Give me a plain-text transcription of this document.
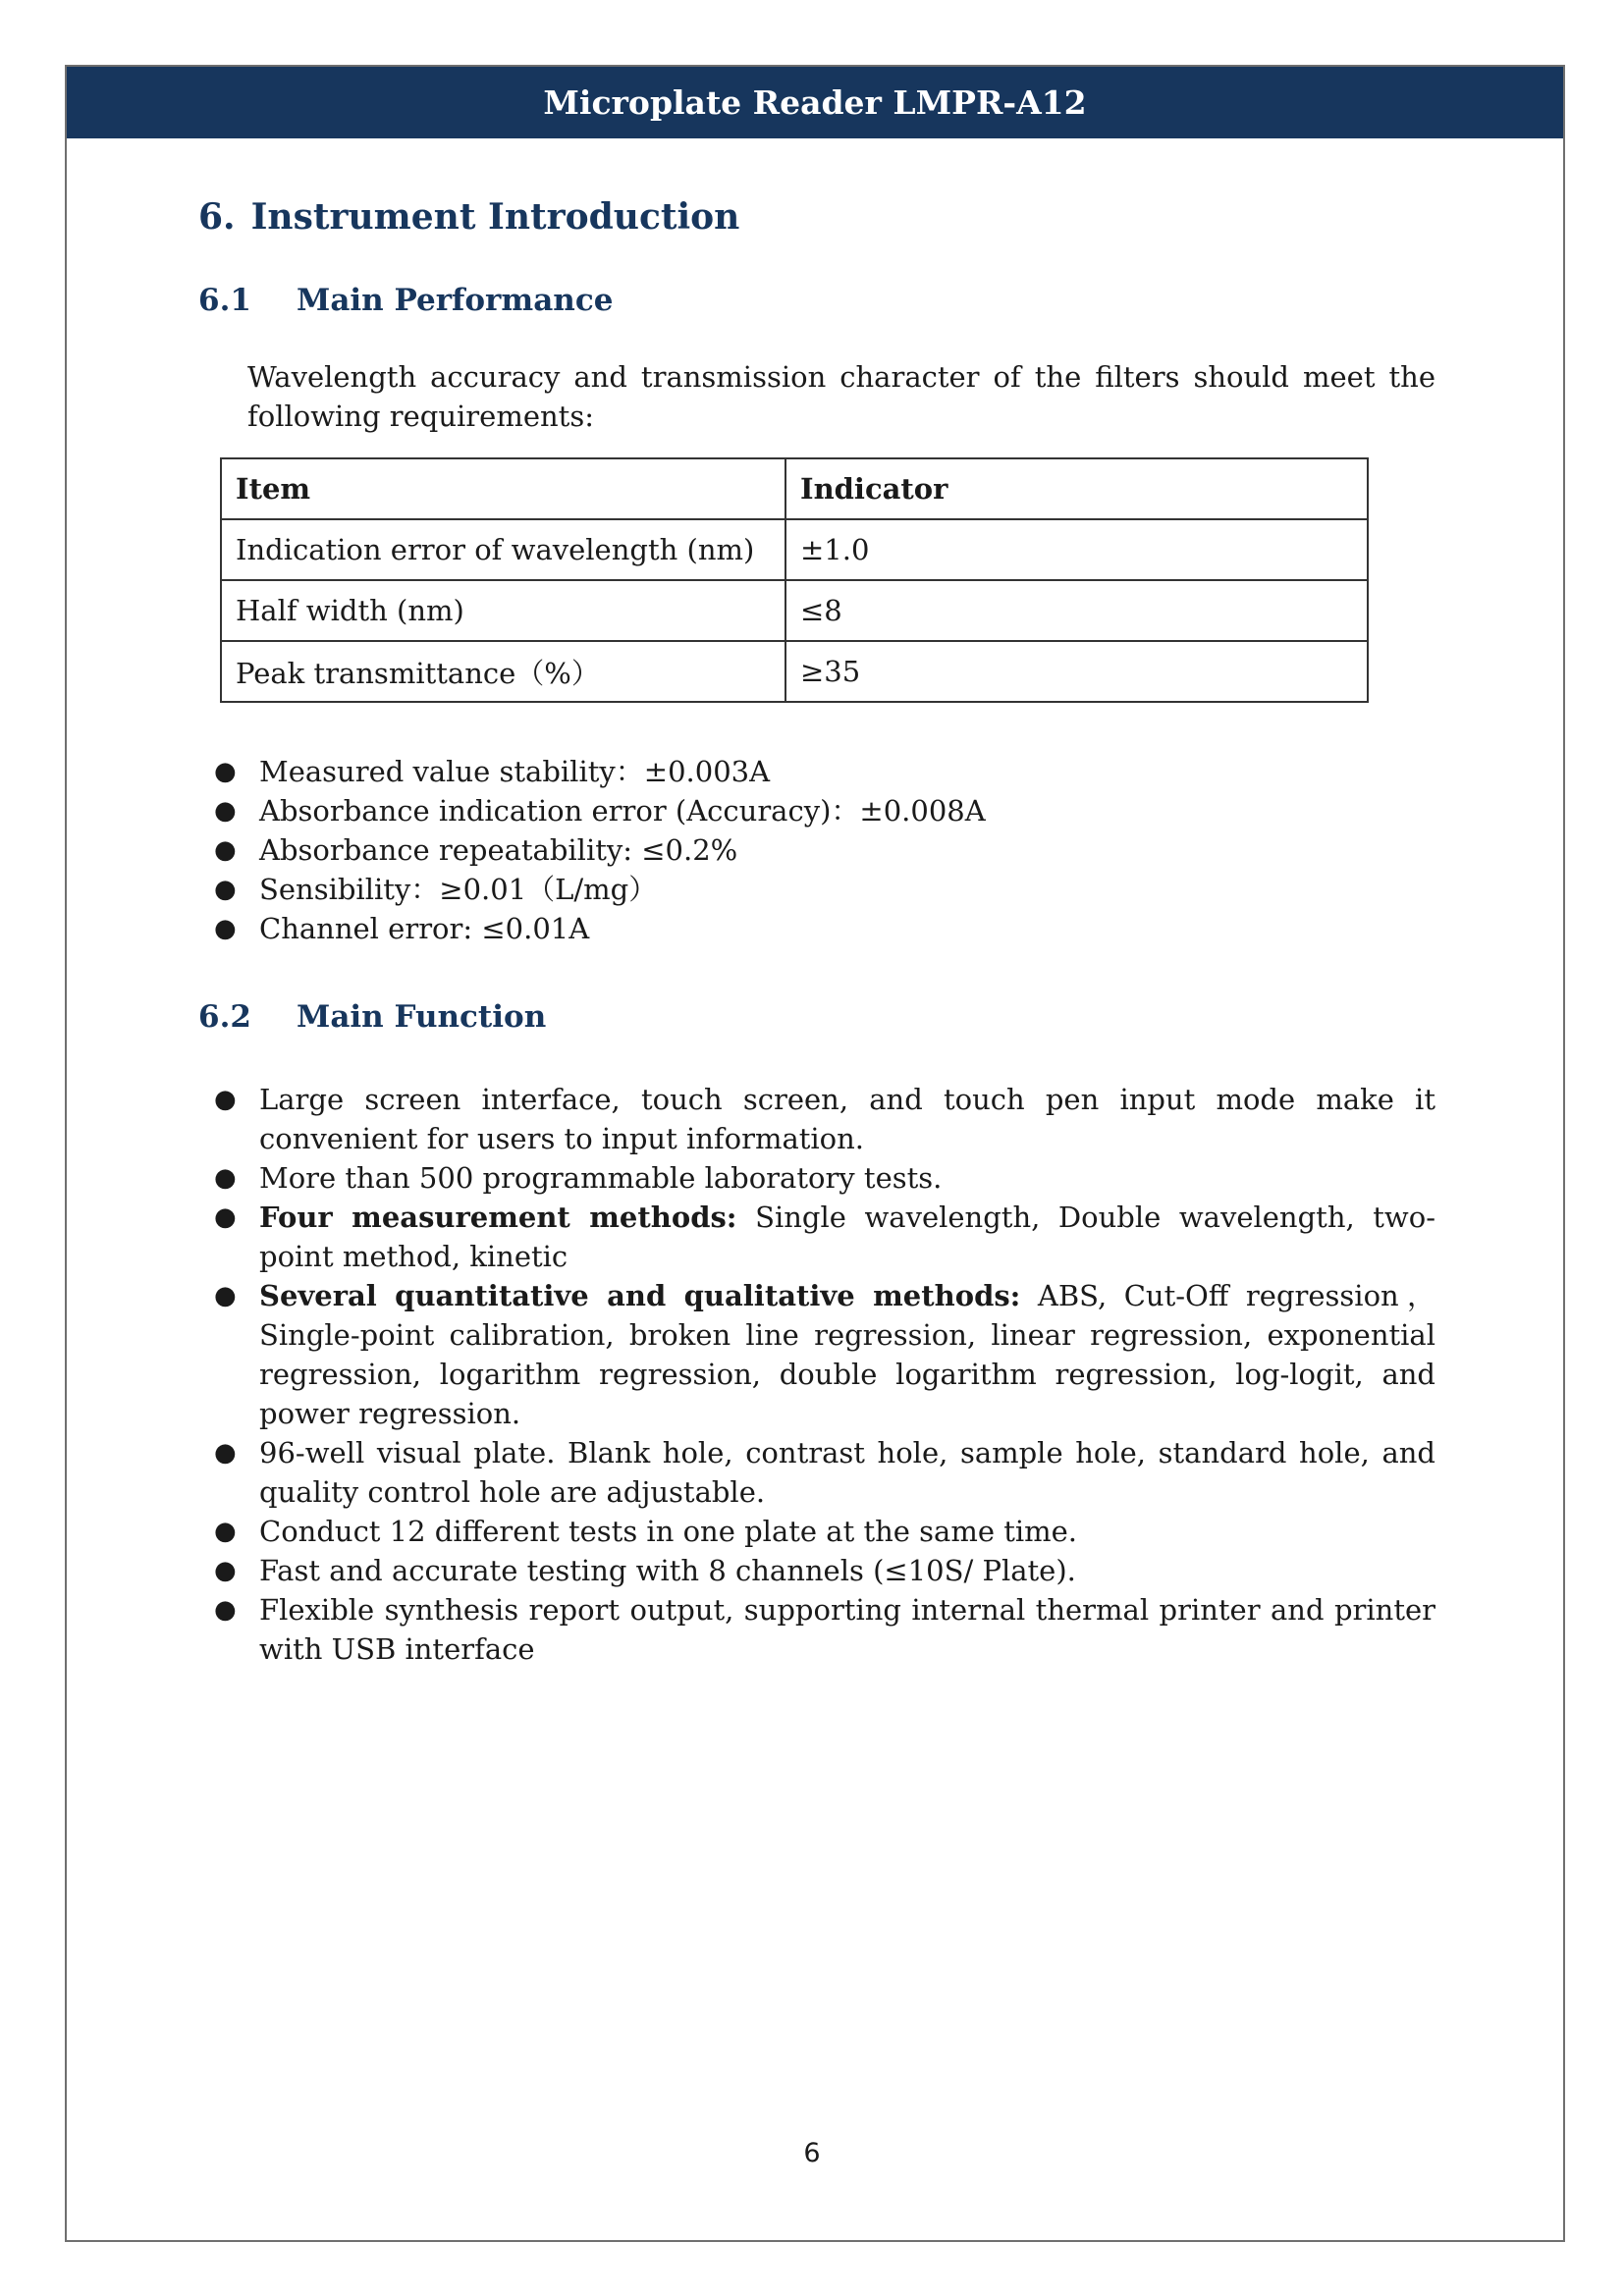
Microplate Reader LMPR-A12
6. Instrument Introduction
6.1 Main Performance

Wavelength accuracy and transmission character of the filters should meet the following requirements:

Item	Indicator
Indication error of wavelength (nm)	±1.0
Half width (nm)	≤8
Peak transmittance（%）	≥35
● Measured value stability：±0.003A
● Absorbance indication error (Accuracy)：±0.008A
● Absorbance repeatability: ≤0.2%
● Sensibility：≥0.01（L/mg）
● Channel error: ≤0.01A
6.2 Main Function
● Large screen interface, touch screen, and touch pen input mode make it convenient for users to input information.
● More than 500 programmable laboratory tests.
● Four measurement methods: Single wavelength, Double wavelength, two-point method, kinetic
● Several quantitative and qualitative methods: ABS, Cut-Off regression，Single-point calibration, broken line regression, linear regression, exponential regression, logarithm regression, double logarithm regression, log-logit, and power regression.
● 96-well visual plate. Blank hole, contrast hole, sample hole, standard hole, and quality control hole are adjustable.
● Conduct 12 different tests in one plate at the same time.
● Fast and accurate testing with 8 channels (≤10S/ Plate).
● Flexible synthesis report output, supporting internal thermal printer and printer with USB interface
6
